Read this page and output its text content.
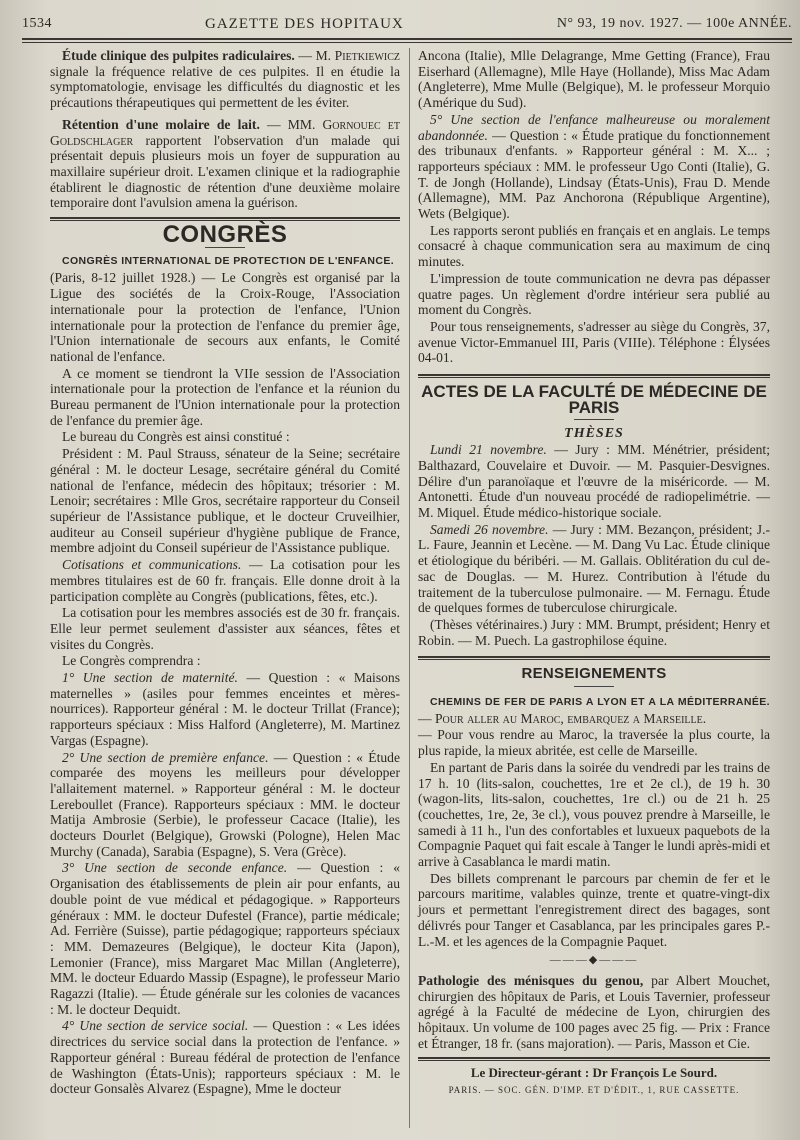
1534	GAZETTE DES HOPITAUX	N° 93, 19 nov. 1927. — 100e ANNÉE.

Étude clinique des pulpites radiculaires. — M. Pietkiewicz signale la fréquence relative de ces pulpites. Il en étudie la symptomatologie, envisage les difficultés du diagnostic et les précautions thérapeutiques qui permettent de les éviter.

Rétention d'une molaire de lait. — MM. Gornouec et Goldschlager rapportent l'observation d'un malade qui présentait depuis plusieurs mois un foyer de suppuration au maxillaire supérieur droit. L'examen clinique et la radiographie établirent le diagnostic de rétention d'une deuxième molaire temporaire dont l'avulsion amena la guérison.

CONGRÈS

CONGRÈS INTERNATIONAL DE PROTECTION DE L'ENFANCE.

(Paris, 8-12 juillet 1928.) — Le Congrès est organisé par la Ligue des sociétés de la Croix-Rouge, l'Association internationale pour la protection de l'enfance, l'Union internationale pour la protection de l'enfance du premier âge, l'Union internationale de secours aux enfants, le Comité national de l'enfance.

A ce moment se tiendront la VIIe session de l'Association internationale pour la protection de l'enfance et la réunion du Bureau permanent de l'Union internationale pour la protection de l'enfance du premier âge.

Le bureau du Congrès est ainsi constitué :

Président : M. Paul Strauss, sénateur de la Seine; secrétaire général : M. le docteur Lesage, secrétaire général du Comité national de l'enfance, médecin des hôpitaux; trésorier : M. Lenoir; secrétaires : Mlle Gros, secrétaire rapporteur du Conseil supérieur de l'Assistance publique, et le docteur Cruveilhier, auditeur au Conseil supérieur d'hygiène publique de France, membre adjoint du Conseil supérieur de l'Assistance publique.

Cotisations et communications. — La cotisation pour les membres titulaires est de 60 fr. français. Elle donne droit à la participation complète au Congrès (publications, fêtes, etc.).

La cotisation pour les membres associés est de 30 fr. français. Elle leur permet seulement d'assister aux séances, fêtes et visites du Congrès.

Le Congrès comprendra :

1° Une section de maternité. — Question : « Maisons maternelles » (asiles pour femmes enceintes et mères-nourrices). Rapporteur général : M. le docteur Trillat (France); rapporteurs spéciaux : Miss Halford (Angleterre), M. Martinez Vargas (Espagne).

2° Une section de première enfance. — Question : « Étude comparée des moyens les meilleurs pour développer l'allaitement maternel. » Rapporteur général : M. le docteur Lereboullet (France). Rapporteurs spéciaux : MM. le docteur Matija Ambrosie (Serbie), le professeur Cacace (Italie), les docteurs Dourlet (Belgique), Growski (Pologne), Helen Mac Murchy (Canada), Sarabia (Espagne), S. Vera (Grèce).

3° Une section de seconde enfance. — Question : « Organisation des établissements de plein air pour enfants, au double point de vue médical et pédagogique. » Rapporteurs généraux : MM. le docteur Dufestel (France), partie médicale; Ad. Ferrière (Suisse), partie pédagogique; rapporteurs spéciaux : MM. Demazeures (Belgique), le docteur Kita (Japon), Lemonier (France), miss Margaret Mac Millan (Angleterre), MM. le docteur Eduardo Massip (Espagne), le professeur Mario Ragazzi (Italie). — Étude générale sur les colonies de vacances : M. le docteur Dequidt.

4° Une section de service social. — Question : « Les idées directrices du service social dans la protection de l'enfance. » Rapporteur général : Bureau fédéral de protection de l'enfance de Washington (États-Unis); rapporteurs spéciaux : M. le docteur Gonsalès Alvarez (Espagne), Mme le docteur

Ancona (Italie), Mlle Delagrange, Mme Getting (France), Frau Eiserhard (Allemagne), Mlle Haye (Hollande), Miss Mac Adam (Angleterre), Mme Mulle (Belgique), M. le professeur Morquio (Amérique du Sud).

5° Une section de l'enfance malheureuse ou moralement abandonnée. — Question : « Étude pratique du fonctionnement des tribunaux d'enfants. » Rapporteur général : M. X... ; rapporteurs spéciaux : MM. le professeur Ugo Conti (Italie), G. T. de Jongh (Hollande), Lindsay (États-Unis), Frau D. Mende (Allemagne), MM. Paz Anchorona (République Argentine), Wets (Belgique).

Les rapports seront publiés en français et en anglais. Le temps consacré à chaque communication sera au maximum de cinq minutes.

L'impression de toute communication ne devra pas dépasser quatre pages. Un règlement d'ordre intérieur sera publié au moment du Congrès.

Pour tous renseignements, s'adresser au siège du Congrès, 37, avenue Victor-Emmanuel III, Paris (VIIIe). Téléphone : Élysées 04-01.

ACTES DE LA FACULTÉ DE MÉDECINE DE PARIS
THÈSES

Lundi 21 novembre. — Jury : MM. Ménétrier, président; Balthazard, Couvelaire et Duvoir. — M. Pasquier-Desvignes. Délire d'un paranoïaque et l'œuvre de la miséricorde. — M. Antonetti. Étude d'un nouveau procédé de radiopelimétrie. — M. Miquel. Étude médico-historique sociale.

Samedi 26 novembre. — Jury : MM. Bezançon, président; J.-L. Faure, Jeannin et Lecène. — M. Dang Vu Lac. Étude clinique et étiologique du béribéri. — M. Gallais. Oblitération du cul de-sac de Douglas. — M. Hurez. Contribution à l'étude du traitement de la tuberculose pulmonaire. — M. Fernagu. Étude de quelques formes de tuberculose chirurgicale.

(Thèses vétérinaires.) Jury : MM. Brumpt, président; Henry et Robin. — M. Puech. La gastrophilose équine.

RENSEIGNEMENTS

CHEMINS DE FER DE PARIS A LYON ET A LA MÉDITERRANÉE. — Pour aller au Maroc, embarquez a Marseille.

— Pour vous rendre au Maroc, la traversée la plus courte, la plus rapide, la mieux abritée, est celle de Marseille.

En partant de Paris dans la soirée du vendredi par les trains de 17 h. 10 (lits-salon, couchettes, 1re et 2e cl.), de 19 h. 30 (wagon-lits, lits-salon, couchettes, 1re cl.) ou de 21 h. 25 (couchettes, 1re, 2e, 3e cl.), vous pouvez prendre à Marseille, le samedi à 11 h., l'un des confortables et luxueux paquebots de la Compagnie Paquet qui fait escale à Tanger le lundi après-midi et arrive à Casablanca le mardi matin.

Des billets comprenant le parcours par chemin de fer et le parcours maritime, valables quinze, trente et quatre-vingt-dix jours et permettant l'enregistrement direct des bagages, sont délivrés pour Tanger et Casablanca, par les principales gares P.-L.-M. et les agences de la Compagnie Paquet.

———◆———

Pathologie des ménisques du genou, par Albert Mouchet, chirurgien des hôpitaux de Paris, et Louis Tavernier, professeur agrégé à la Faculté de médecine de Lyon, chirurgien des hôpitaux. Un volume de 100 pages avec 25 fig. — Prix : France et Étranger, 18 fr. (sans majoration). — Paris, Masson et Cie.

Le Directeur-gérant : Dr François Le Sourd.
PARIS. — SOC. GÉN. D'IMP. ET D'ÉDIT., 1, RUE CASSETTE.
